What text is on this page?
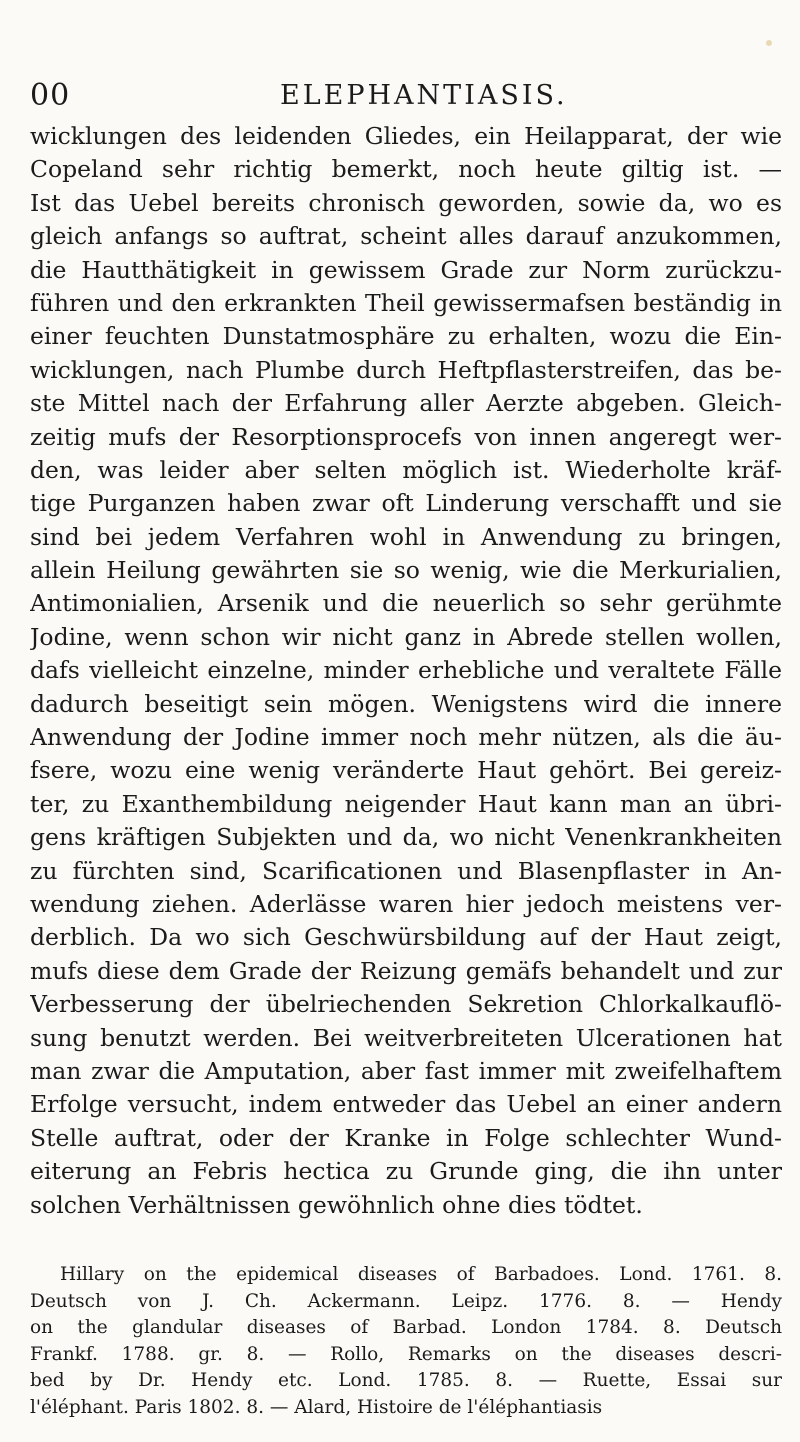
00	ELEPHANTIASIS.
wicklungen des leidenden Gliedes, ein Heilapparat, der wie
Copeland sehr richtig bemerkt, noch heute giltig ist. —
Ist das Uebel bereits chronisch geworden, sowie da, wo es
gleich anfangs so auftrat, scheint alles darauf anzukommen,
die Hautthätigkeit in gewissem Grade zur Norm zurückzu-
führen und den erkrankten Theil gewissermafsen beständig in
einer feuchten Dunstatmosphäre zu erhalten, wozu die Ein-
wicklungen, nach Plumbe durch Heftpflasterstreifen, das be-
ste Mittel nach der Erfahrung aller Aerzte abgeben. Gleich-
zeitig mufs der Resorptionsprocefs von innen angeregt wer-
den, was leider aber selten möglich ist. Wiederholte kräf-
tige Purganzen haben zwar oft Linderung verschafft und sie
sind bei jedem Verfahren wohl in Anwendung zu bringen,
allein Heilung gewährten sie so wenig, wie die Merkurialien,
Antimonialien, Arsenik und die neuerlich so sehr gerühmte
Jodine, wenn schon wir nicht ganz in Abrede stellen wollen,
dafs vielleicht einzelne, minder erhebliche und veraltete Fälle
dadurch beseitigt sein mögen. Wenigstens wird die innere
Anwendung der Jodine immer noch mehr nützen, als die äu-
fsere, wozu eine wenig veränderte Haut gehört. Bei gereiz-
ter, zu Exanthembildung neigender Haut kann man an übri-
gens kräftigen Subjekten und da, wo nicht Venenkrankheiten
zu fürchten sind, Scarificationen und Blasenpflaster in An-
wendung ziehen. Aderlässe waren hier jedoch meistens ver-
derblich. Da wo sich Geschwürsbildung auf der Haut zeigt,
mufs diese dem Grade der Reizung gemäfs behandelt und zur
Verbesserung der übelriechenden Sekretion Chlorkalkauflö-
sung benutzt werden. Bei weitverbreiteten Ulcerationen hat
man zwar die Amputation, aber fast immer mit zweifelhaftem
Erfolge versucht, indem entweder das Uebel an einer andern
Stelle auftrat, oder der Kranke in Folge schlechter Wund-
eiterung an Febris hectica zu Grunde ging, die ihn unter
solchen Verhältnissen gewöhnlich ohne dies tödtet.
Hillary on the epidemical diseases of Barbadoes. Lond. 1761. 8.
Deutsch von J. Ch. Ackermann. Leipz. 1776. 8. — Hendy
on the glandular diseases of Barbad. London 1784. 8. Deutsch
Frankf. 1788. gr. 8. — Rollo, Remarks on the diseases descri-
bed by Dr. Hendy etc. Lond. 1785. 8. — Ruette, Essai sur
l'éléphant. Paris 1802. 8. — Alard, Histoire de l'éléphantiasis
